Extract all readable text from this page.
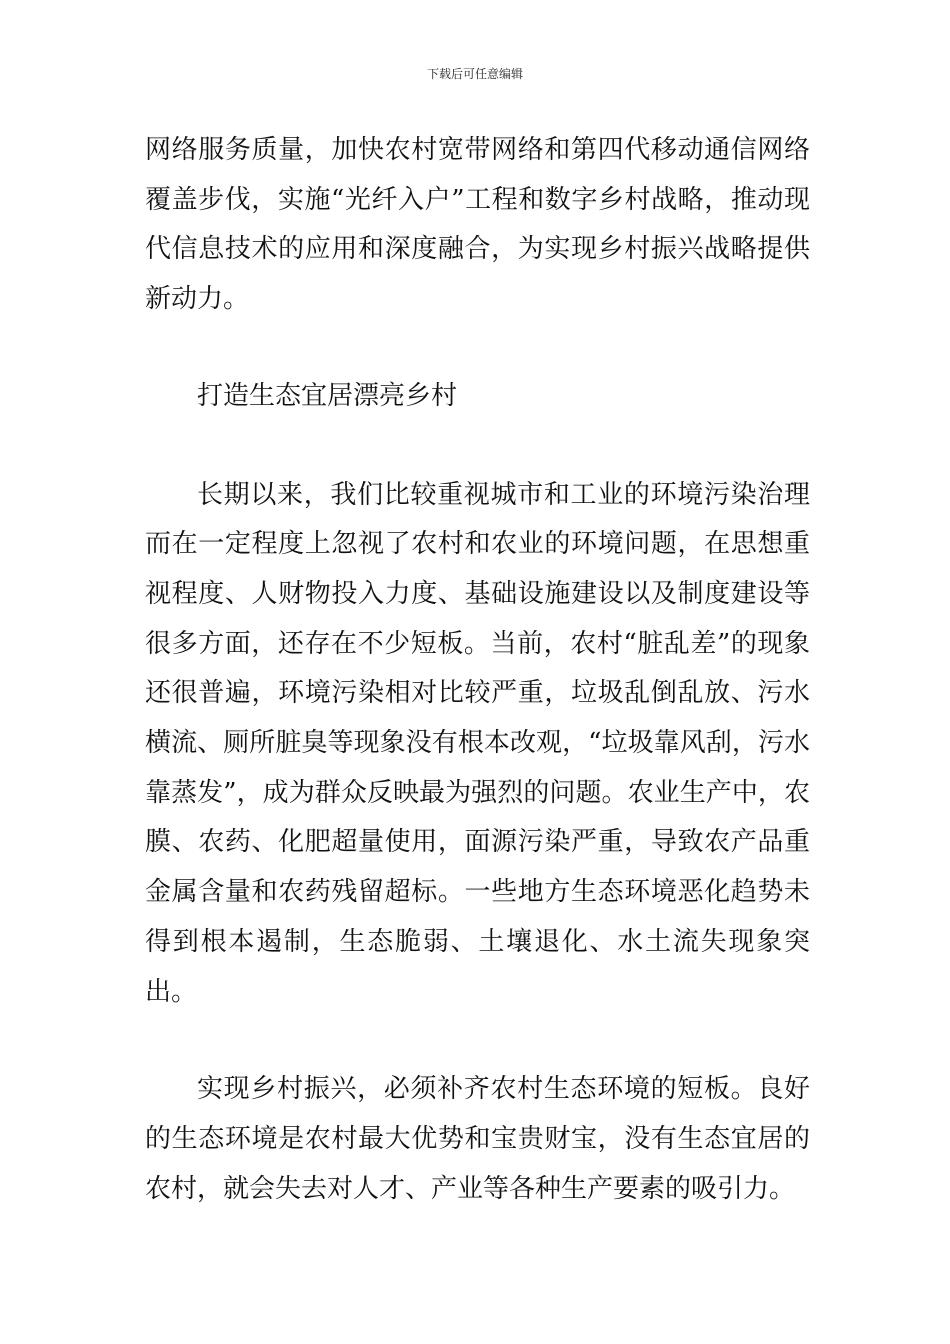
下载后可任意编辑

网络服务质量，加快农村宽带网络和第四代移动通信网络覆盖步伐，实施“光纤入户”工程和数字乡村战略，推动现代信息技术的应用和深度融合，为实现乡村振兴战略提供新动力。

打造生态宜居漂亮乡村

长期以来，我们比较重视城市和工业的环境污染治理而在一定程度上忽视了农村和农业的环境问题，在思想重视程度、人财物投入力度、基础设施建设以及制度建设等很多方面，还存在不少短板。当前，农村“脏乱差”的现象还很普遍，环境污染相对比较严重，垃圾乱倒乱放、污水横流、厕所脏臭等现象没有根本改观，“垃圾靠风刮，污水靠蒸发”，成为群众反映最为强烈的问题。农业生产中，农膜、农药、化肥超量使用，面源污染严重，导致农产品重金属含量和农药残留超标。一些地方生态环境恶化趋势未得到根本遏制，生态脆弱、土壤退化、水土流失现象突出。

实现乡村振兴，必须补齐农村生态环境的短板。良好的生态环境是农村最大优势和宝贵财宝，没有生态宜居的农村，就会失去对人才、产业等各种生产要素的吸引力。
